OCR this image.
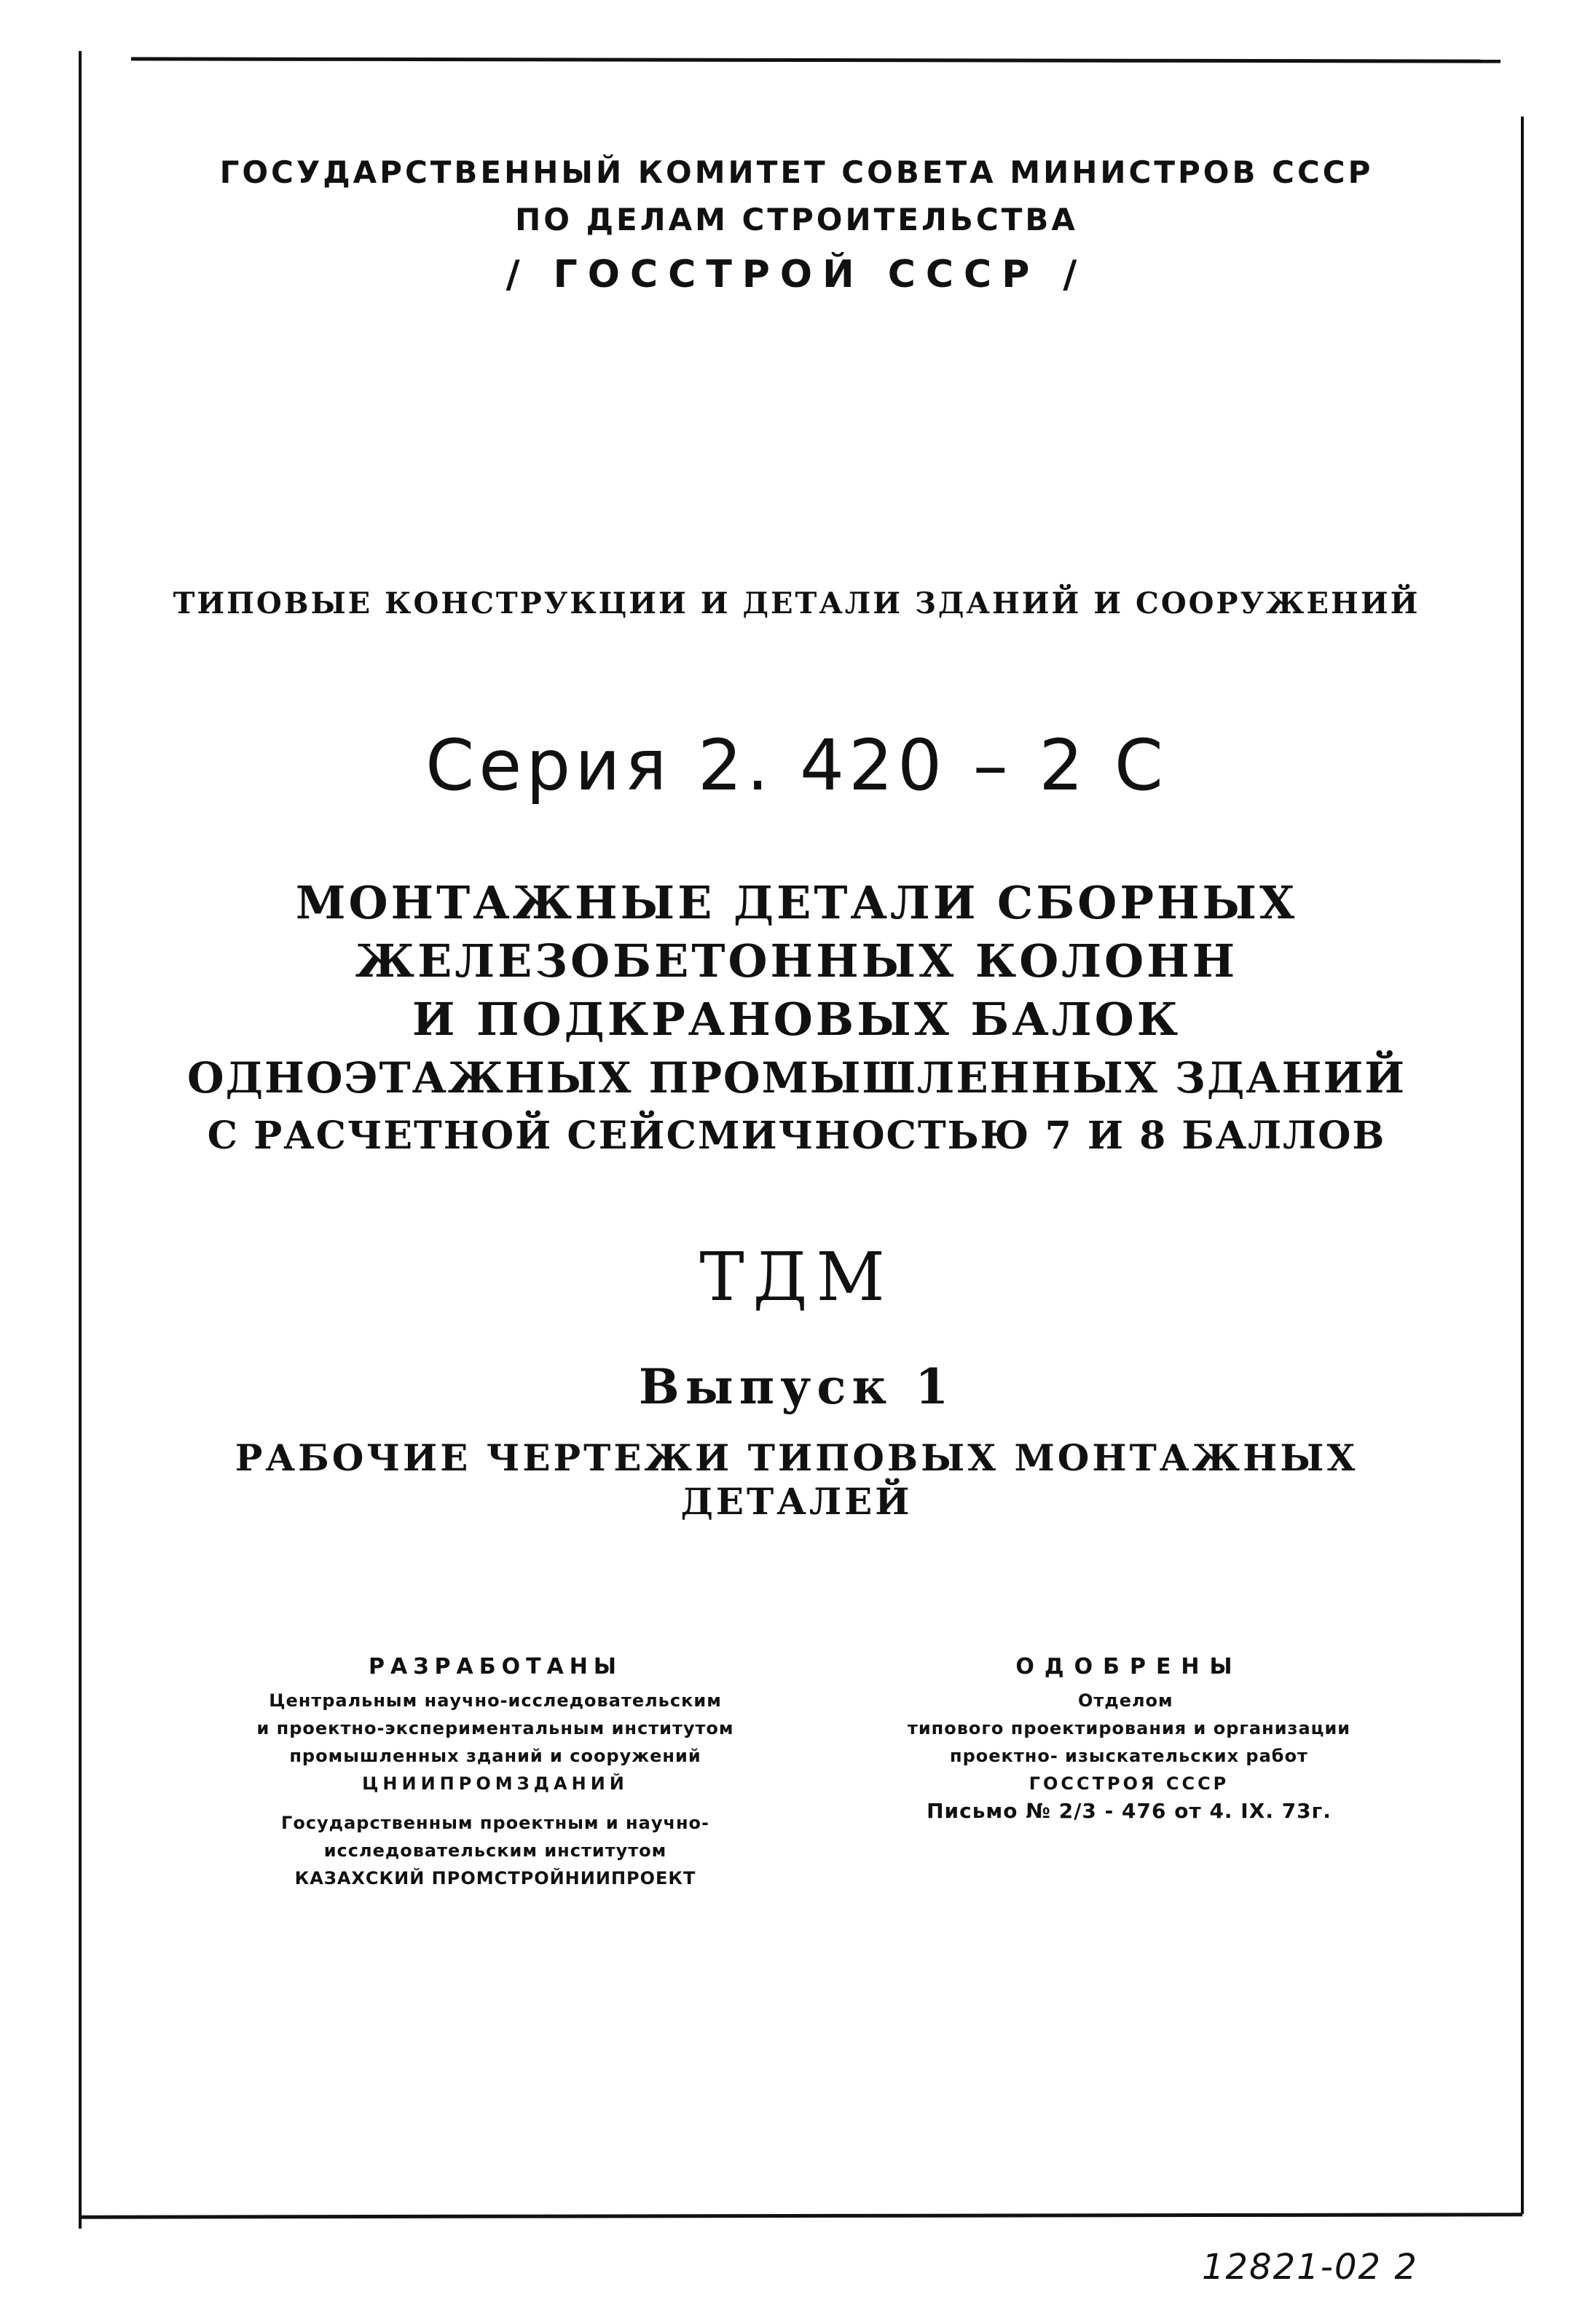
ГОСУДАРСТВЕННЫЙ КОМИТЕТ СОВЕТА МИНИСТРОВ СССР
ПО ДЕЛАМ СТРОИТЕЛЬСТВА
/ ГОССТРОЙ СССР /
ТИПОВЫЕ КОНСТРУКЦИИ И ДЕТАЛИ ЗДАНИЙ И СООРУЖЕНИЙ
Серия 2. 420 – 2 С
МОНТАЖНЫЕ ДЕТАЛИ СБОРНЫХ
ЖЕЛЕЗОБЕТОННЫХ КОЛОНН
И ПОДКРАНОВЫХ БАЛОК
ОДНОЭТАЖНЫХ ПРОМЫШЛЕННЫХ ЗДАНИЙ
С РАСЧЕТНОЙ СЕЙСМИЧНОСТЬЮ 7 И 8 БАЛЛОВ
ТДМ
Выпуск 1
РАБОЧИЕ ЧЕРТЕЖИ ТИПОВЫХ МОНТАЖНЫХ
ДЕТАЛЕЙ
РАЗРАБОТАНЫ
Центральным научно-исследовательским
и проектно-экспериментальным институтом
промышленных зданий и сооружений
ЦНИИПРОМЗДАНИЙ
Государственным проектным и научно-
исследовательским институтом
КАЗАХСКИЙ ПРОМСТРОЙНИИПРОЕКТ
ОДОБРЕНЫ
Отделом
типового проектирования и организации
проектно- изыскательских работ
ГОССТРОЯ СССР
Письмо № 2/3 - 476 от 4. IX. 73г.
12821-02 2
